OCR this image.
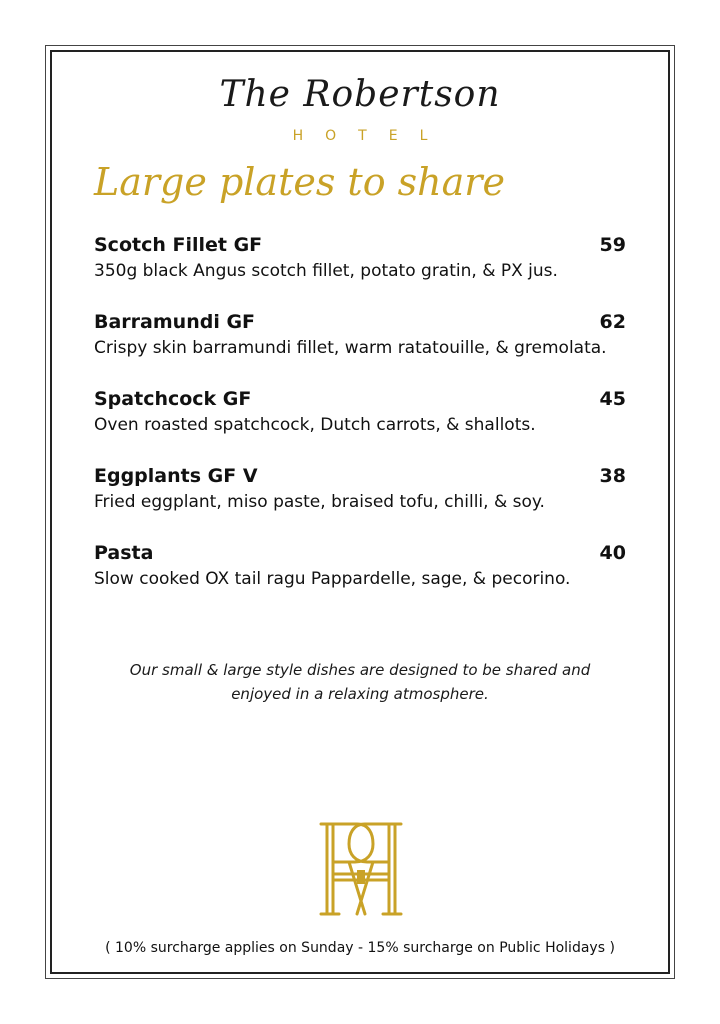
The Robertson
HOTEL
Large plates to share
Scotch Fillet GF	59
350g black Angus scotch fillet, potato gratin, & PX jus.
Barramundi GF	62
Crispy skin barramundi fillet, warm ratatouille, & gremolata.
Spatchcock GF	45
Oven roasted spatchcock, Dutch carrots, & shallots.
Eggplants GF V	38
Fried eggplant, miso paste, braised tofu, chilli, & soy.
Pasta	40
Slow cooked OX tail ragu Pappardelle, sage, & pecorino.
Our small & large style dishes are designed to be shared and enjoyed in a relaxing atmosphere.
( 10% surcharge applies on Sunday - 15% surcharge on Public Holidays )
